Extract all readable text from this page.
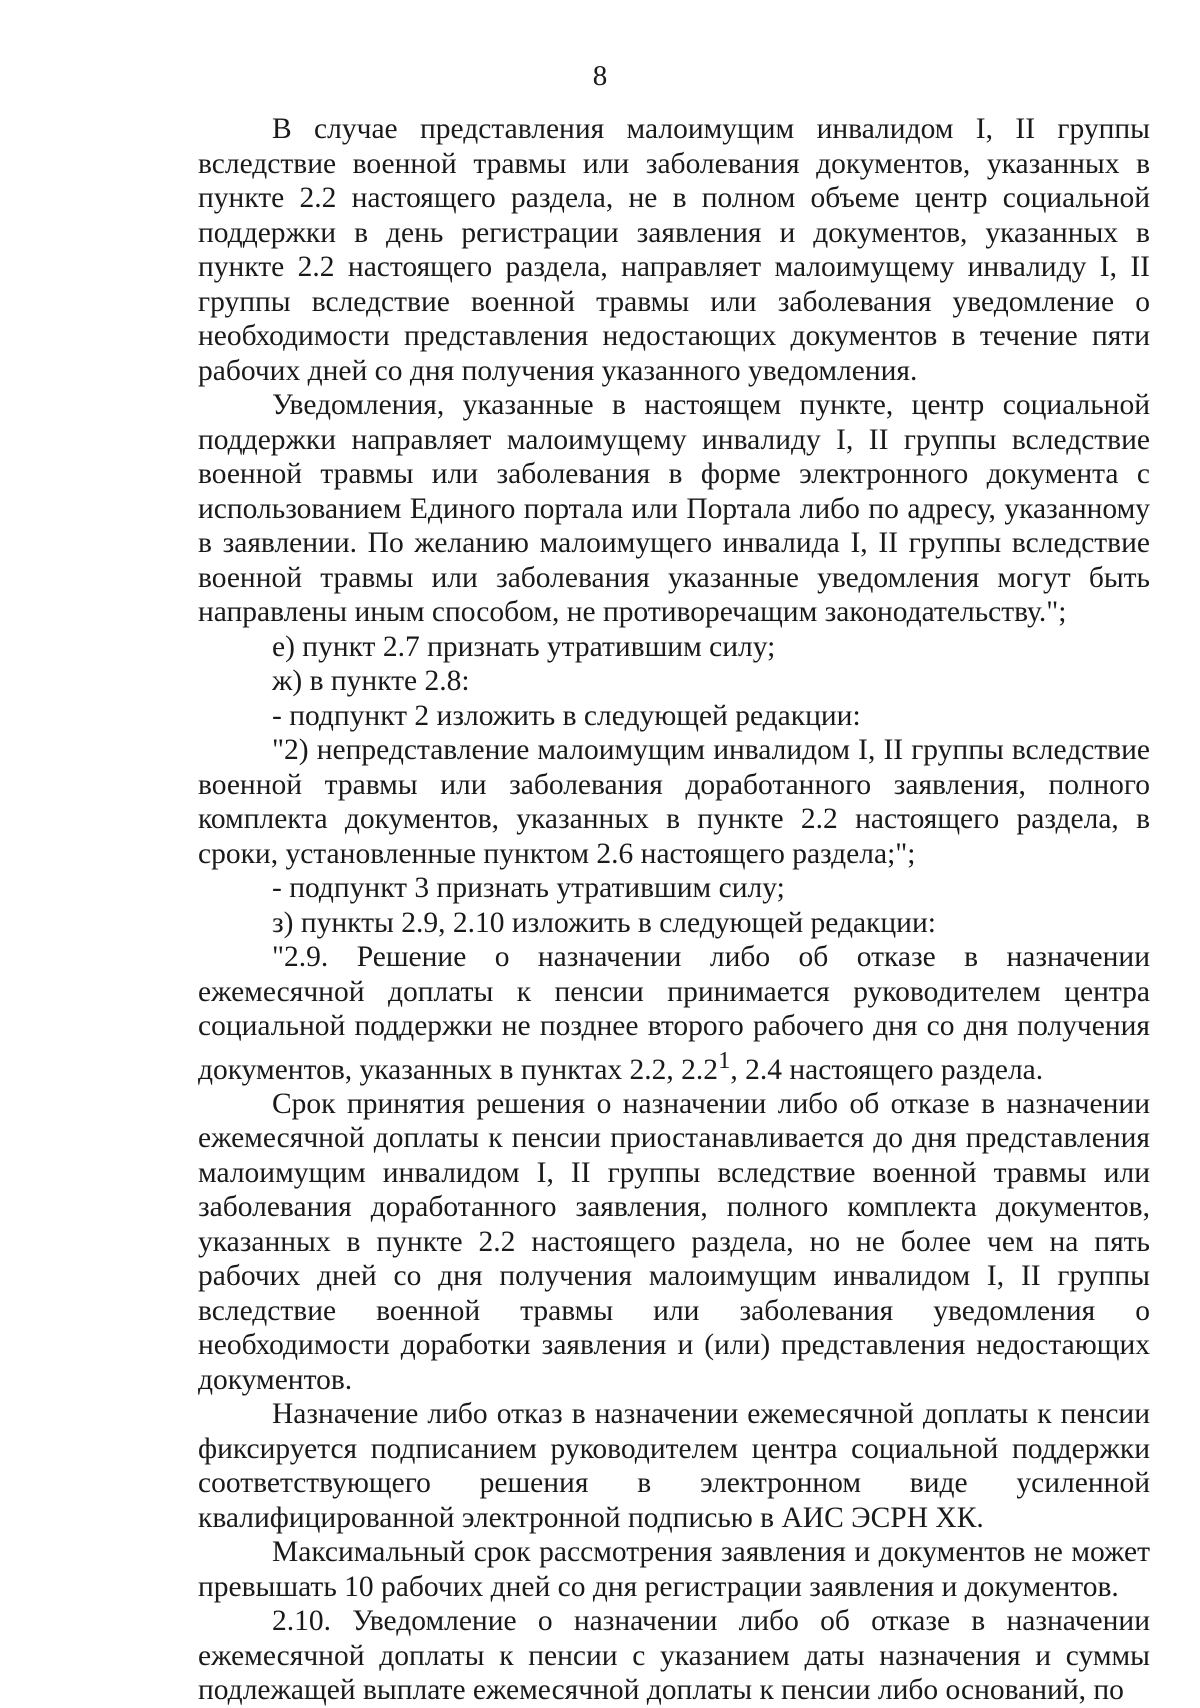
8

В случае представления малоимущим инвалидом I, II группы вследствие военной травмы или заболевания документов, указанных в пункте 2.2 настоящего раздела, не в полном объеме центр социальной поддержки в день регистрации заявления и документов, указанных в пункте 2.2 настоящего раздела, направляет малоимущему инвалиду I, II группы вследствие военной травмы или заболевания уведомление о необходимости представления недостающих документов в течение пяти рабочих дней со дня получения указанного уведомления.

Уведомления, указанные в настоящем пункте, центр социальной поддержки направляет малоимущему инвалиду I, II группы вследствие военной травмы или заболевания в форме электронного документа с использованием Единого портала или Портала либо по адресу, указанному в заявлении. По желанию малоимущего инвалида I, II группы вследствие военной травмы или заболевания указанные уведомления могут быть направлены иным способом, не противоречащим законодательству.";

е) пункт 2.7 признать утратившим силу;

ж) в пункте 2.8:

- подпункт 2 изложить в следующей редакции:

"2) непредставление малоимущим инвалидом I, II группы вследствие военной травмы или заболевания доработанного заявления, полного комплекта документов, указанных в пункте 2.2 настоящего раздела, в сроки, установленные пунктом 2.6 настоящего раздела;";

- подпункт 3 признать утратившим силу;

з) пункты 2.9, 2.10 изложить в следующей редакции:

"2.9. Решение о назначении либо об отказе в назначении ежемесячной доплаты к пенсии принимается руководителем центра социальной поддержки не позднее второго рабочего дня со дня получения документов, указанных в пунктах 2.2, $2.2^1$, 2.4 настоящего раздела.

Срок принятия решения о назначении либо об отказе в назначении ежемесячной доплаты к пенсии приостанавливается до дня представления малоимущим инвалидом I, II группы вследствие военной травмы или заболевания доработанного заявления, полного комплекта документов, указанных в пункте 2.2 настоящего раздела, но не более чем на пять рабочих дней со дня получения малоимущим инвалидом I, II группы вследствие военной травмы или заболевания уведомления о необходимости доработки заявления и (или) представления недостающих документов.

Назначение либо отказ в назначении ежемесячной доплаты к пенсии фиксируется подписанием руководителем центра социальной поддержки соответствующего решения в электронном виде усиленной квалифицированной электронной подписью в АИС ЭСРН ХК.

Максимальный срок рассмотрения заявления и документов не может превышать 10 рабочих дней со дня регистрации заявления и документов.

2.10. Уведомление о назначении либо об отказе в назначении ежемесячной доплаты к пенсии с указанием даты назначения и суммы подлежащей выплате ежемесячной доплаты к пенсии либо оснований, по
